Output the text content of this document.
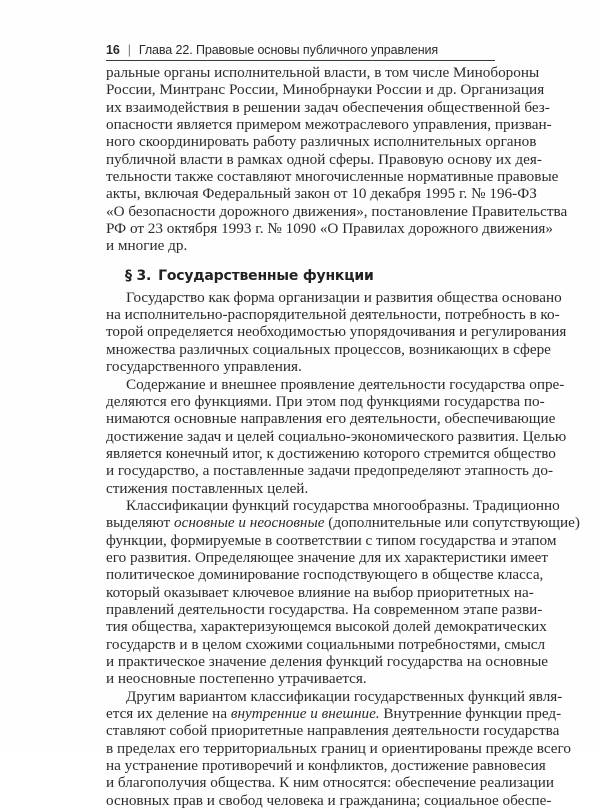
16 | Глава 22. Правовые основы публичного управления
ральные органы исполнительной власти, в том числе Минобороны
России, Минтранс России, Минобрнауки России и др. Организация
их взаимодействия в решении задач обеспечения общественной без-
опасности является примером межотраслевого управления, призван-
ного скоординировать работу различных исполнительных органов
публичной власти в рамках одной сферы. Правовую основу их дея-
тельности также составляют многочисленные нормативные правовые
акты, включая Федеральный закон от 10 декабря 1995 г. № 196-ФЗ
«О безопасности дорожного движения», постановление Правительства
РФ от 23 октября 1993 г. № 1090 «О Правилах дорожного движения»
и многие др.
§ 3. Государственные функции
Государство как форма организации и развития общества основано
на исполнительно-распорядительной деятельности, потребность в ко-
торой определяется необходимостью упорядочивания и регулирования
множества различных социальных процессов, возникающих в сфере
государственного управления.
Содержание и внешнее проявление деятельности государства опре-
деляются его функциями. При этом под функциями государства по-
нимаются основные направления его деятельности, обеспечивающие
достижение задач и целей социально-экономического развития. Целью
является конечный итог, к достижению которого стремится общество
и государство, а поставленные задачи предопределяют этапность до-
стижения поставленных целей.
Классификации функций государства многообразны. Традиционно
выделяют основные и неосновные (дополнительные или сопутствующие)
функции, формируемые в соответствии с типом государства и этапом
его развития. Определяющее значение для их характеристики имеет
политическое доминирование господствующего в обществе класса,
который оказывает ключевое влияние на выбор приоритетных на-
правлений деятельности государства. На современном этапе разви-
тия общества, характеризующемся высокой долей демократических
государств и в целом схожими социальными потребностями, смысл
и практическое значение деления функций государства на основные
и неосновные постепенно утрачивается.
Другим вариантом классификации государственных функций явля-
ется их деление на внутренние и внешние. Внутренние функции пред-
ставляют собой приоритетные направления деятельности государства
в пределах его территориальных границ и ориентированы прежде всего
на устранение противоречий и конфликтов, достижение равновесия
и благополучия общества. К ним относятся: обеспечение реализации
основных прав и свобод человека и гражданина; социальное обеспе-
